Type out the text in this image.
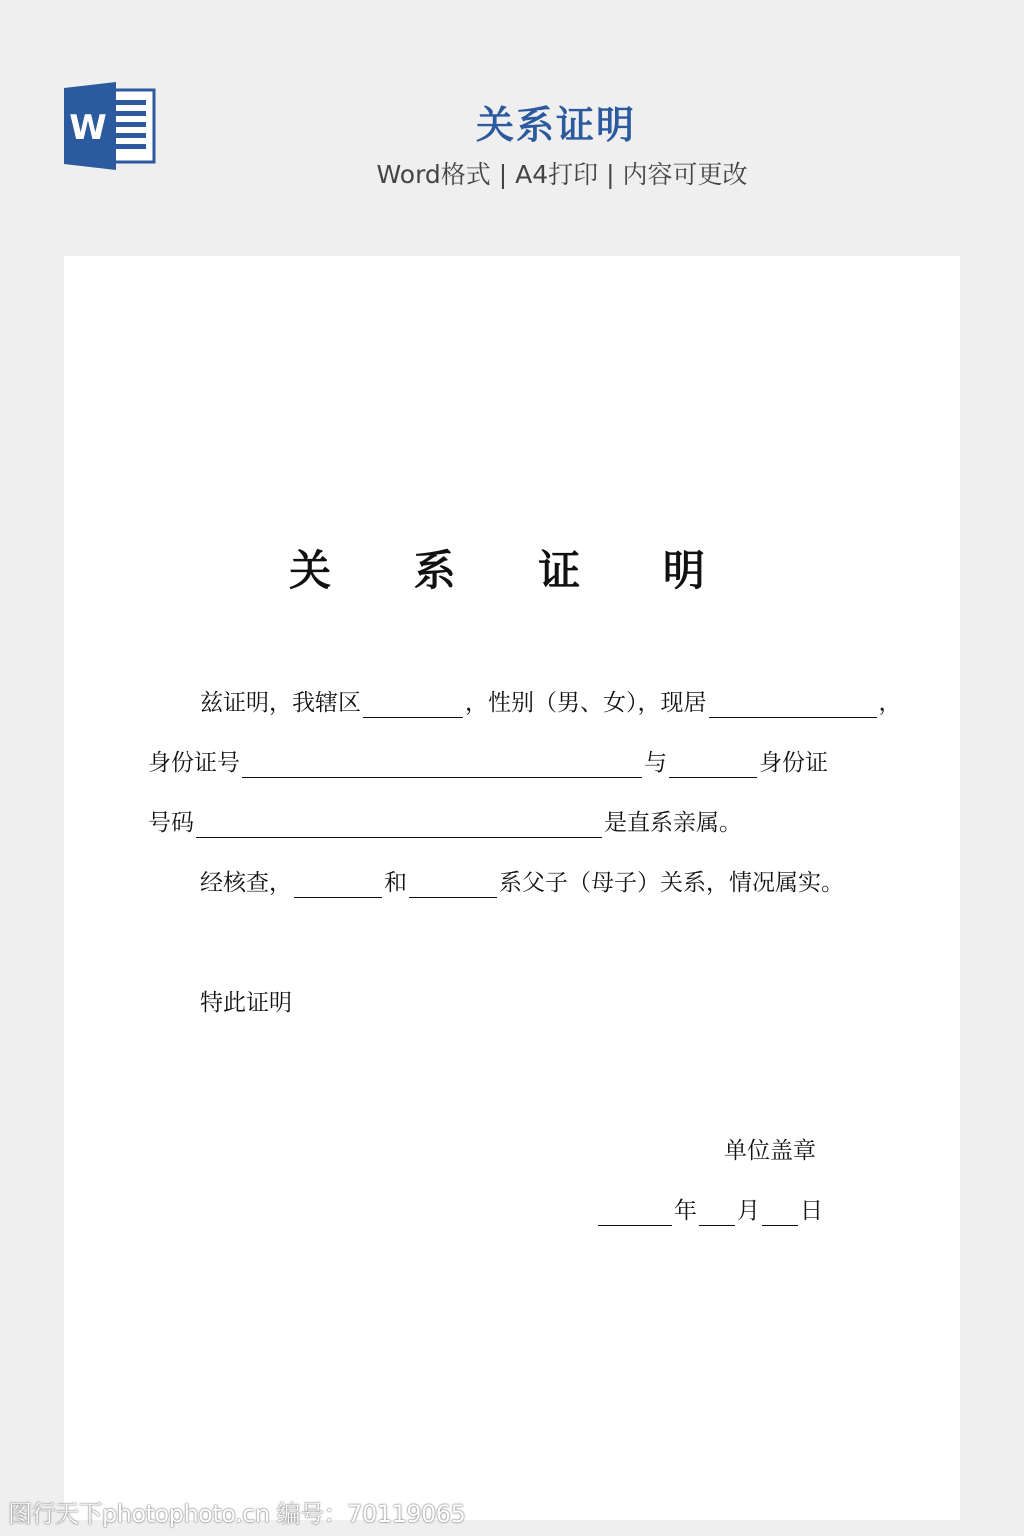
W	关系证明
Word格式 | A4打印 | 内容可更改
关 系 证 明
兹证明，我辖区	，性别（男、女），现居	，
身份证号	与	身份证
号码	是直系亲属。
经核查，	和	系父子（母子）关系，情况属实。
特此证明
单位盖章
年 月 日
图行天下photophoto.cn 编号：70119065
